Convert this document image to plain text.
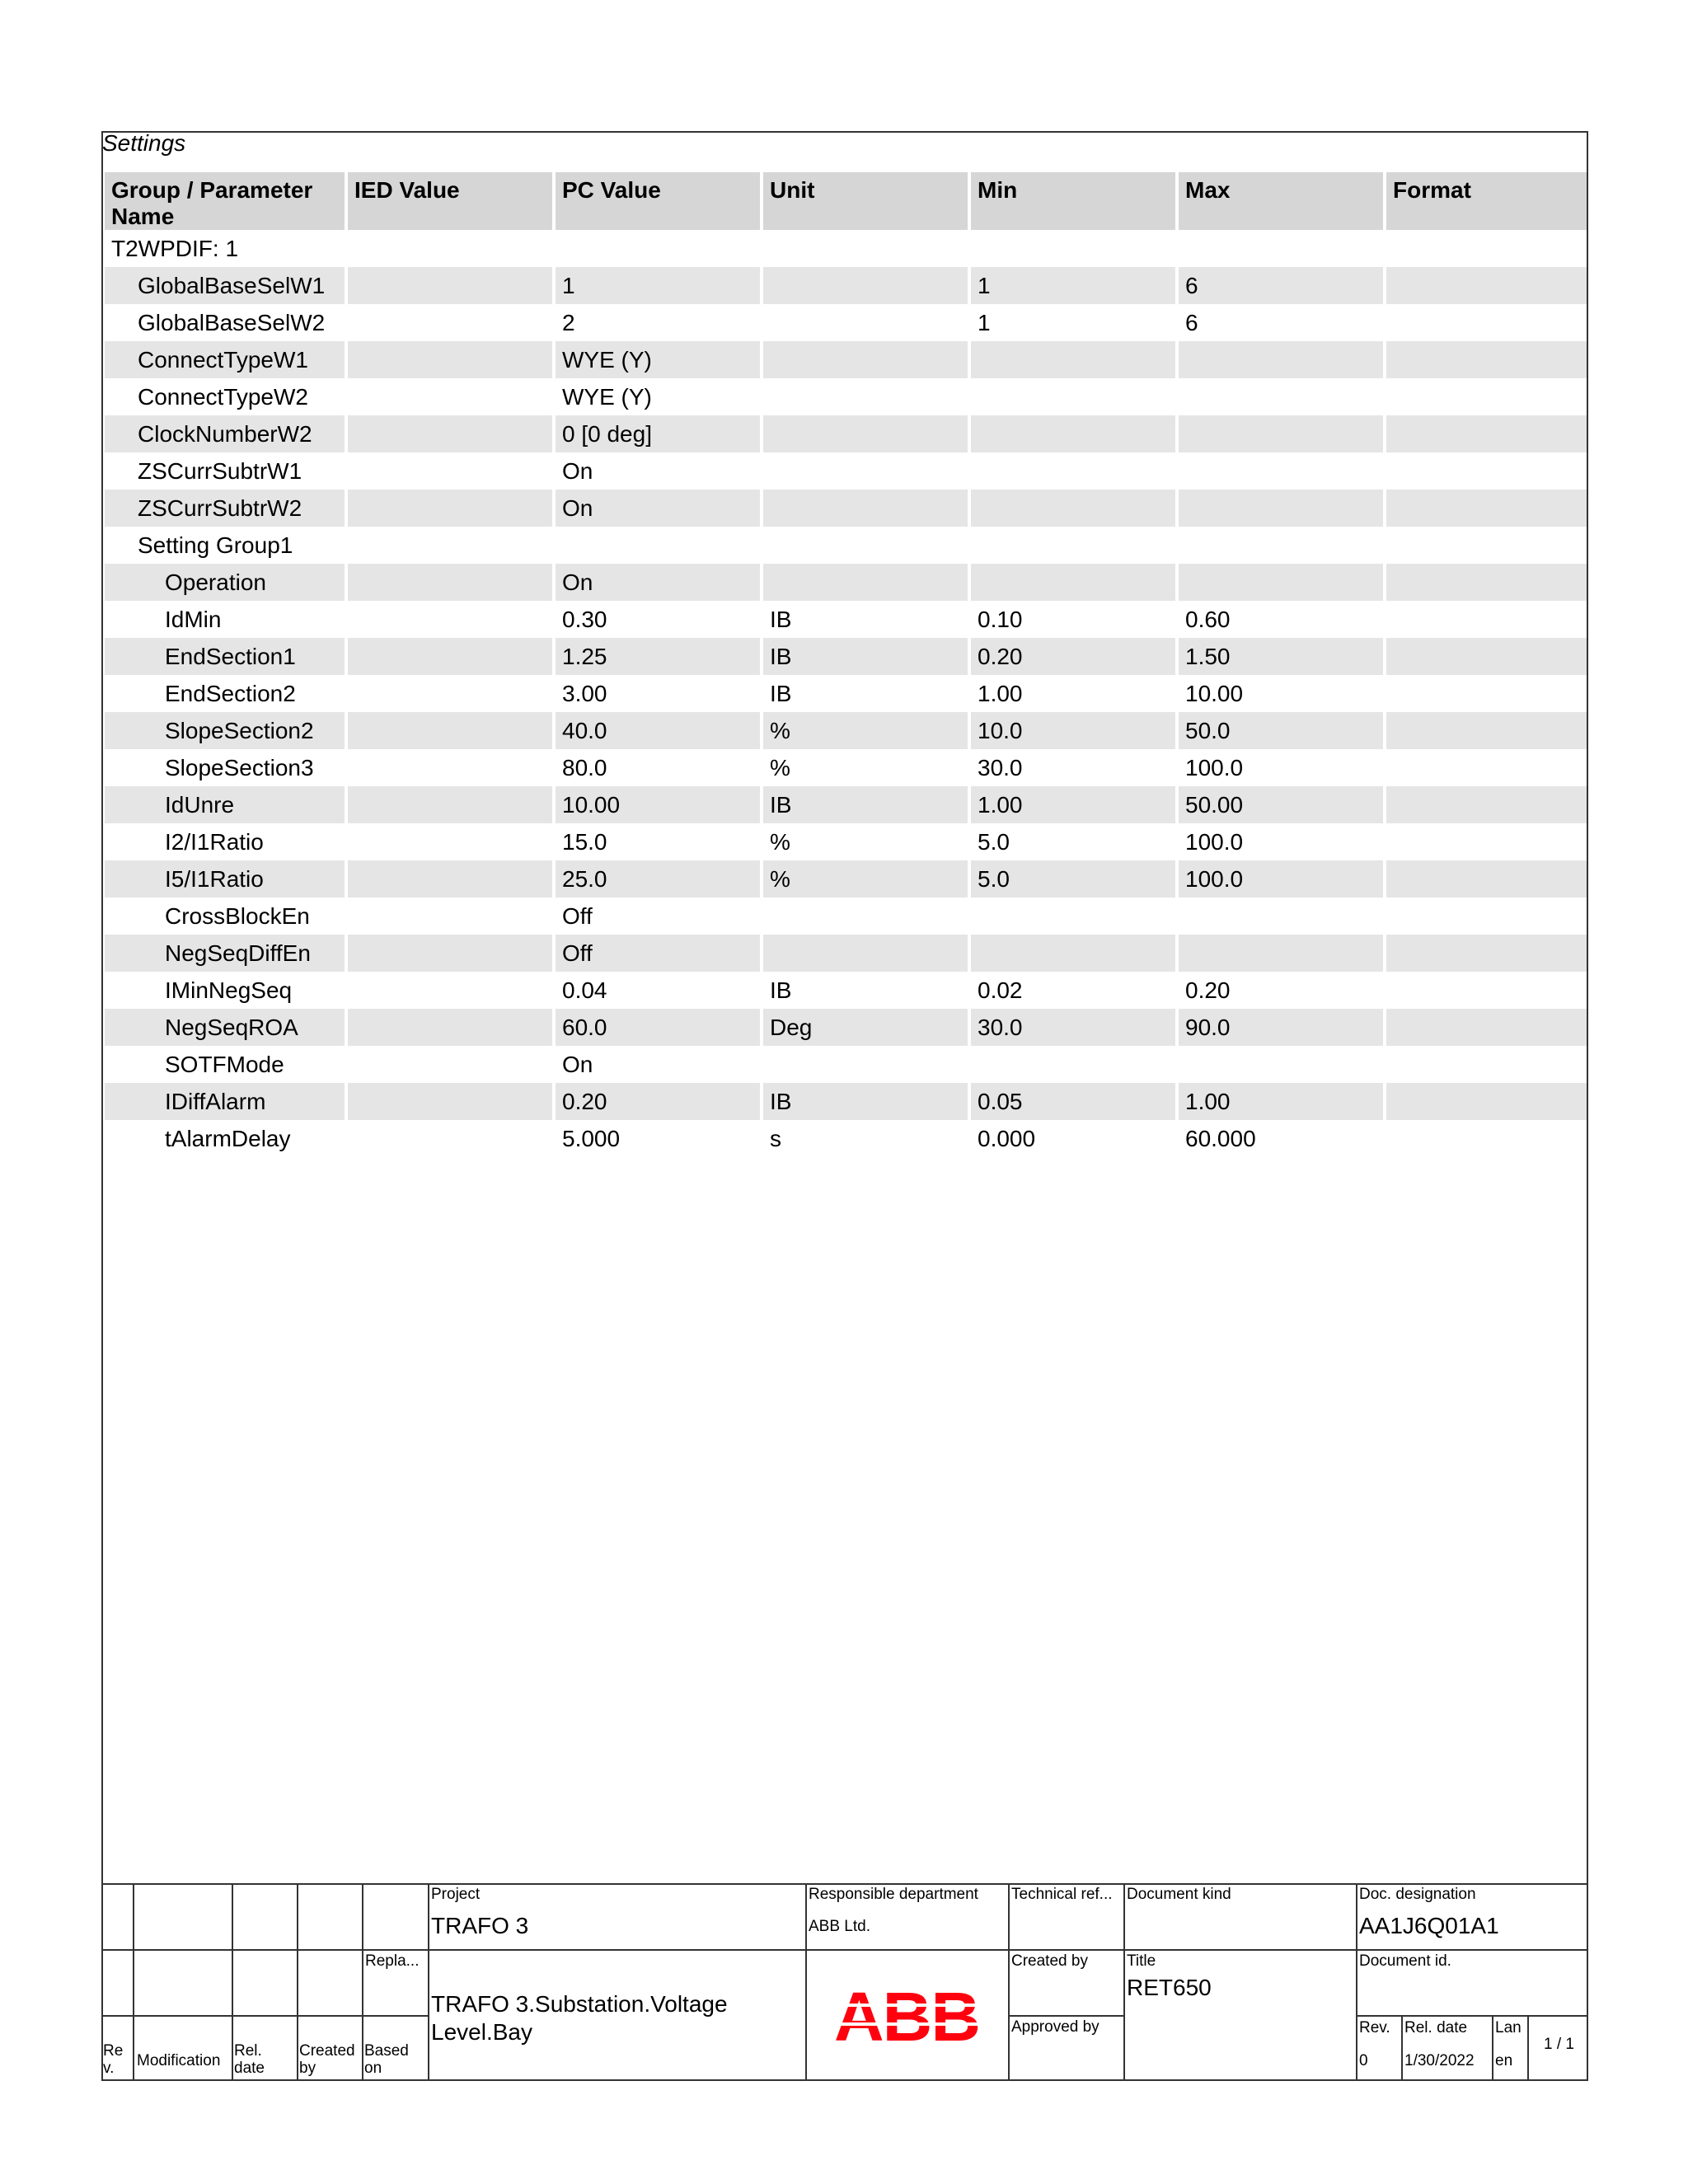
Settings
Group / Parameter Name	IED Value	PC Value	Unit	Min	Max	Format
T2WPDIF: 1						
GlobalBaseSelW1		1		1	6	
GlobalBaseSelW2		2		1	6	
ConnectTypeW1		WYE (Y)				
ConnectTypeW2		WYE (Y)				
ClockNumberW2		0 [0 deg]				
ZSCurrSubtrW1		On				
ZSCurrSubtrW2		On				
Setting Group1						
Operation		On				
IdMin		0.30	IB	0.10	0.60	
EndSection1		1.25	IB	0.20	1.50	
EndSection2		3.00	IB	1.00	10.00	
SlopeSection2		40.0	%	10.0	50.0	
SlopeSection3		80.0	%	30.0	100.0	
IdUnre		10.00	IB	1.00	50.00	
I2/I1Ratio		15.0	%	5.0	100.0	
I5/I1Ratio		25.0	%	5.0	100.0	
CrossBlockEn		Off				
NegSeqDiffEn		Off				
IMinNegSeq		0.04	IB	0.02	0.20	
NegSeqROA		60.0	Deg	30.0	90.0	
SOTFMode		On				
IDiffAlarm		0.20	IB	0.05	1.00	
tAlarmDelay		5.000	s	0.000	60.000	
Re v.	Modification
Rel. date
Created by
Based on
Repla...
Project
TRAFO 3
TRAFO 3.Substation.Voltage Level.Bay
Responsible department
ABB Ltd.
Technical ref...
Created by
Approved by
Document kind
Title
RET650
Doc. designation
AA1J6Q01A1
Document id.
Rev.
0
Rel. date
1/30/2022
Lan
en
1 / 1
ABB
